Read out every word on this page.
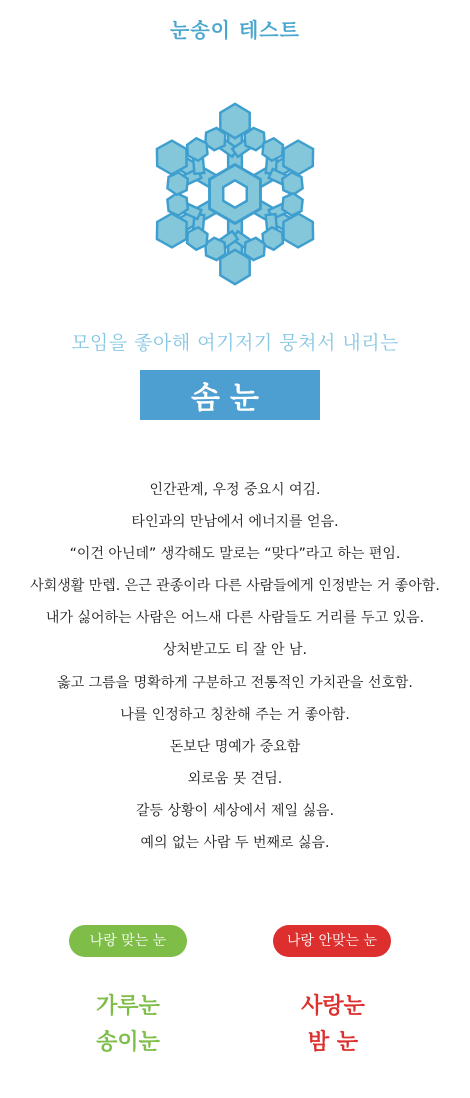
눈송이 테스트
모임을 좋아해 여기저기 뭉쳐서 내리는
솜눈
인간관계, 우정 중요시 여김.
타인과의 만남에서 에너지를 얻음.
“이건 아닌데” 생각해도 말로는 “맞다”라고 하는 편임.
사회생활 만렙. 은근 관종이라 다른 사람들에게 인정받는 거 좋아함.
내가 싫어하는 사람은 어느새 다른 사람들도 거리를 두고 있음.
상처받고도 티 잘 안 남.
옳고 그름을 명확하게 구분하고 전통적인 가치관을 선호함.
나를 인정하고 칭찬해 주는 거 좋아함.
돈보단 명예가 중요함
외로움 못 견딤.
갈등 상황이 세상에서 제일 싫음.
예의 없는 사람 두 번째로 싫음.
나랑 맞는 눈	나랑 안맞는 눈
가루눈
송이눈
사랑눈
밤 눈
